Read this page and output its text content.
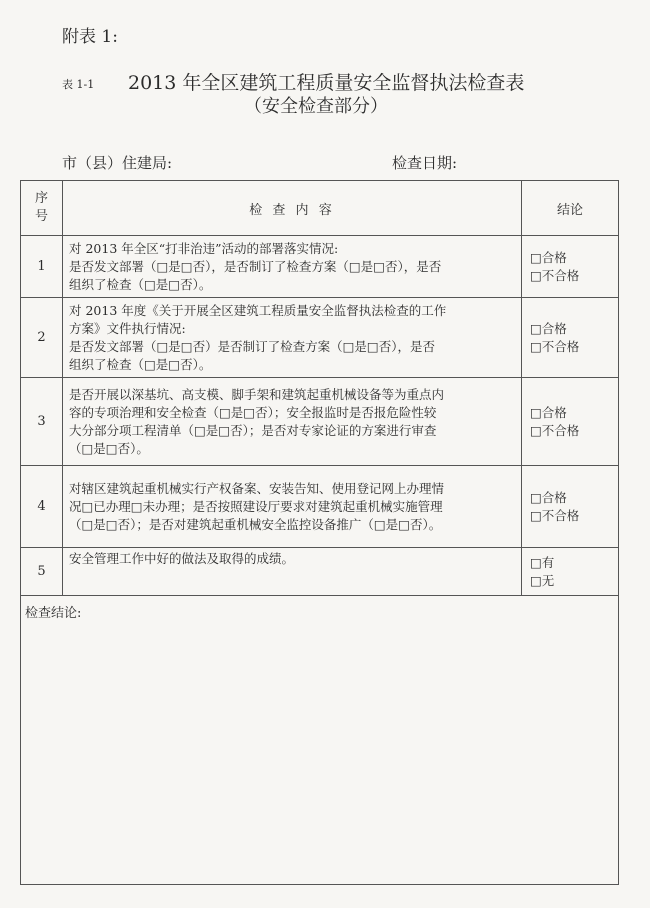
附表 1:
表 1-1 2013 年全区建筑工程质量安全监督执法检查表
（安全检查部分）
市（县）住建局:	检查日期:
序
号	检 查 内 容	结论
1	对 2013 年全区“打非治违”活动的部署落实情况:
是否发文部署（□是□否），是否制订了检查方案（□是□否），是否
组织了检查（□是□否）。	□合格
□不合格

2	对 2013 年度《关于开展全区建筑工程质量安全监督执法检查的工作
方案》文件执行情况:
是否发文部署（□是□否）是否制订了检查方案（□是□否），是否
组织了检查（□是□否）。	□合格
□不合格

3	是否开展以深基坑、高支模、脚手架和建筑起重机械设备等为重点内
容的专项治理和安全检查（□是□否）；安全报监时是否报危险性较
大分部分项工程清单（□是□否）；是否对专家论证的方案进行审查
（□是□否）。	□合格
□不合格

4	对辖区建筑起重机械实行产权备案、安装告知、使用登记网上办理情
况□已办理□未办理；是否按照建设厅要求对建筑起重机械实施管理
（□是□否）；是否对建筑起重机械安全监控设备推广（□是□否）。	□合格
□不合格

5	安全管理工作中好的做法及取得的成绩。	□有
□无

检查结论:		
